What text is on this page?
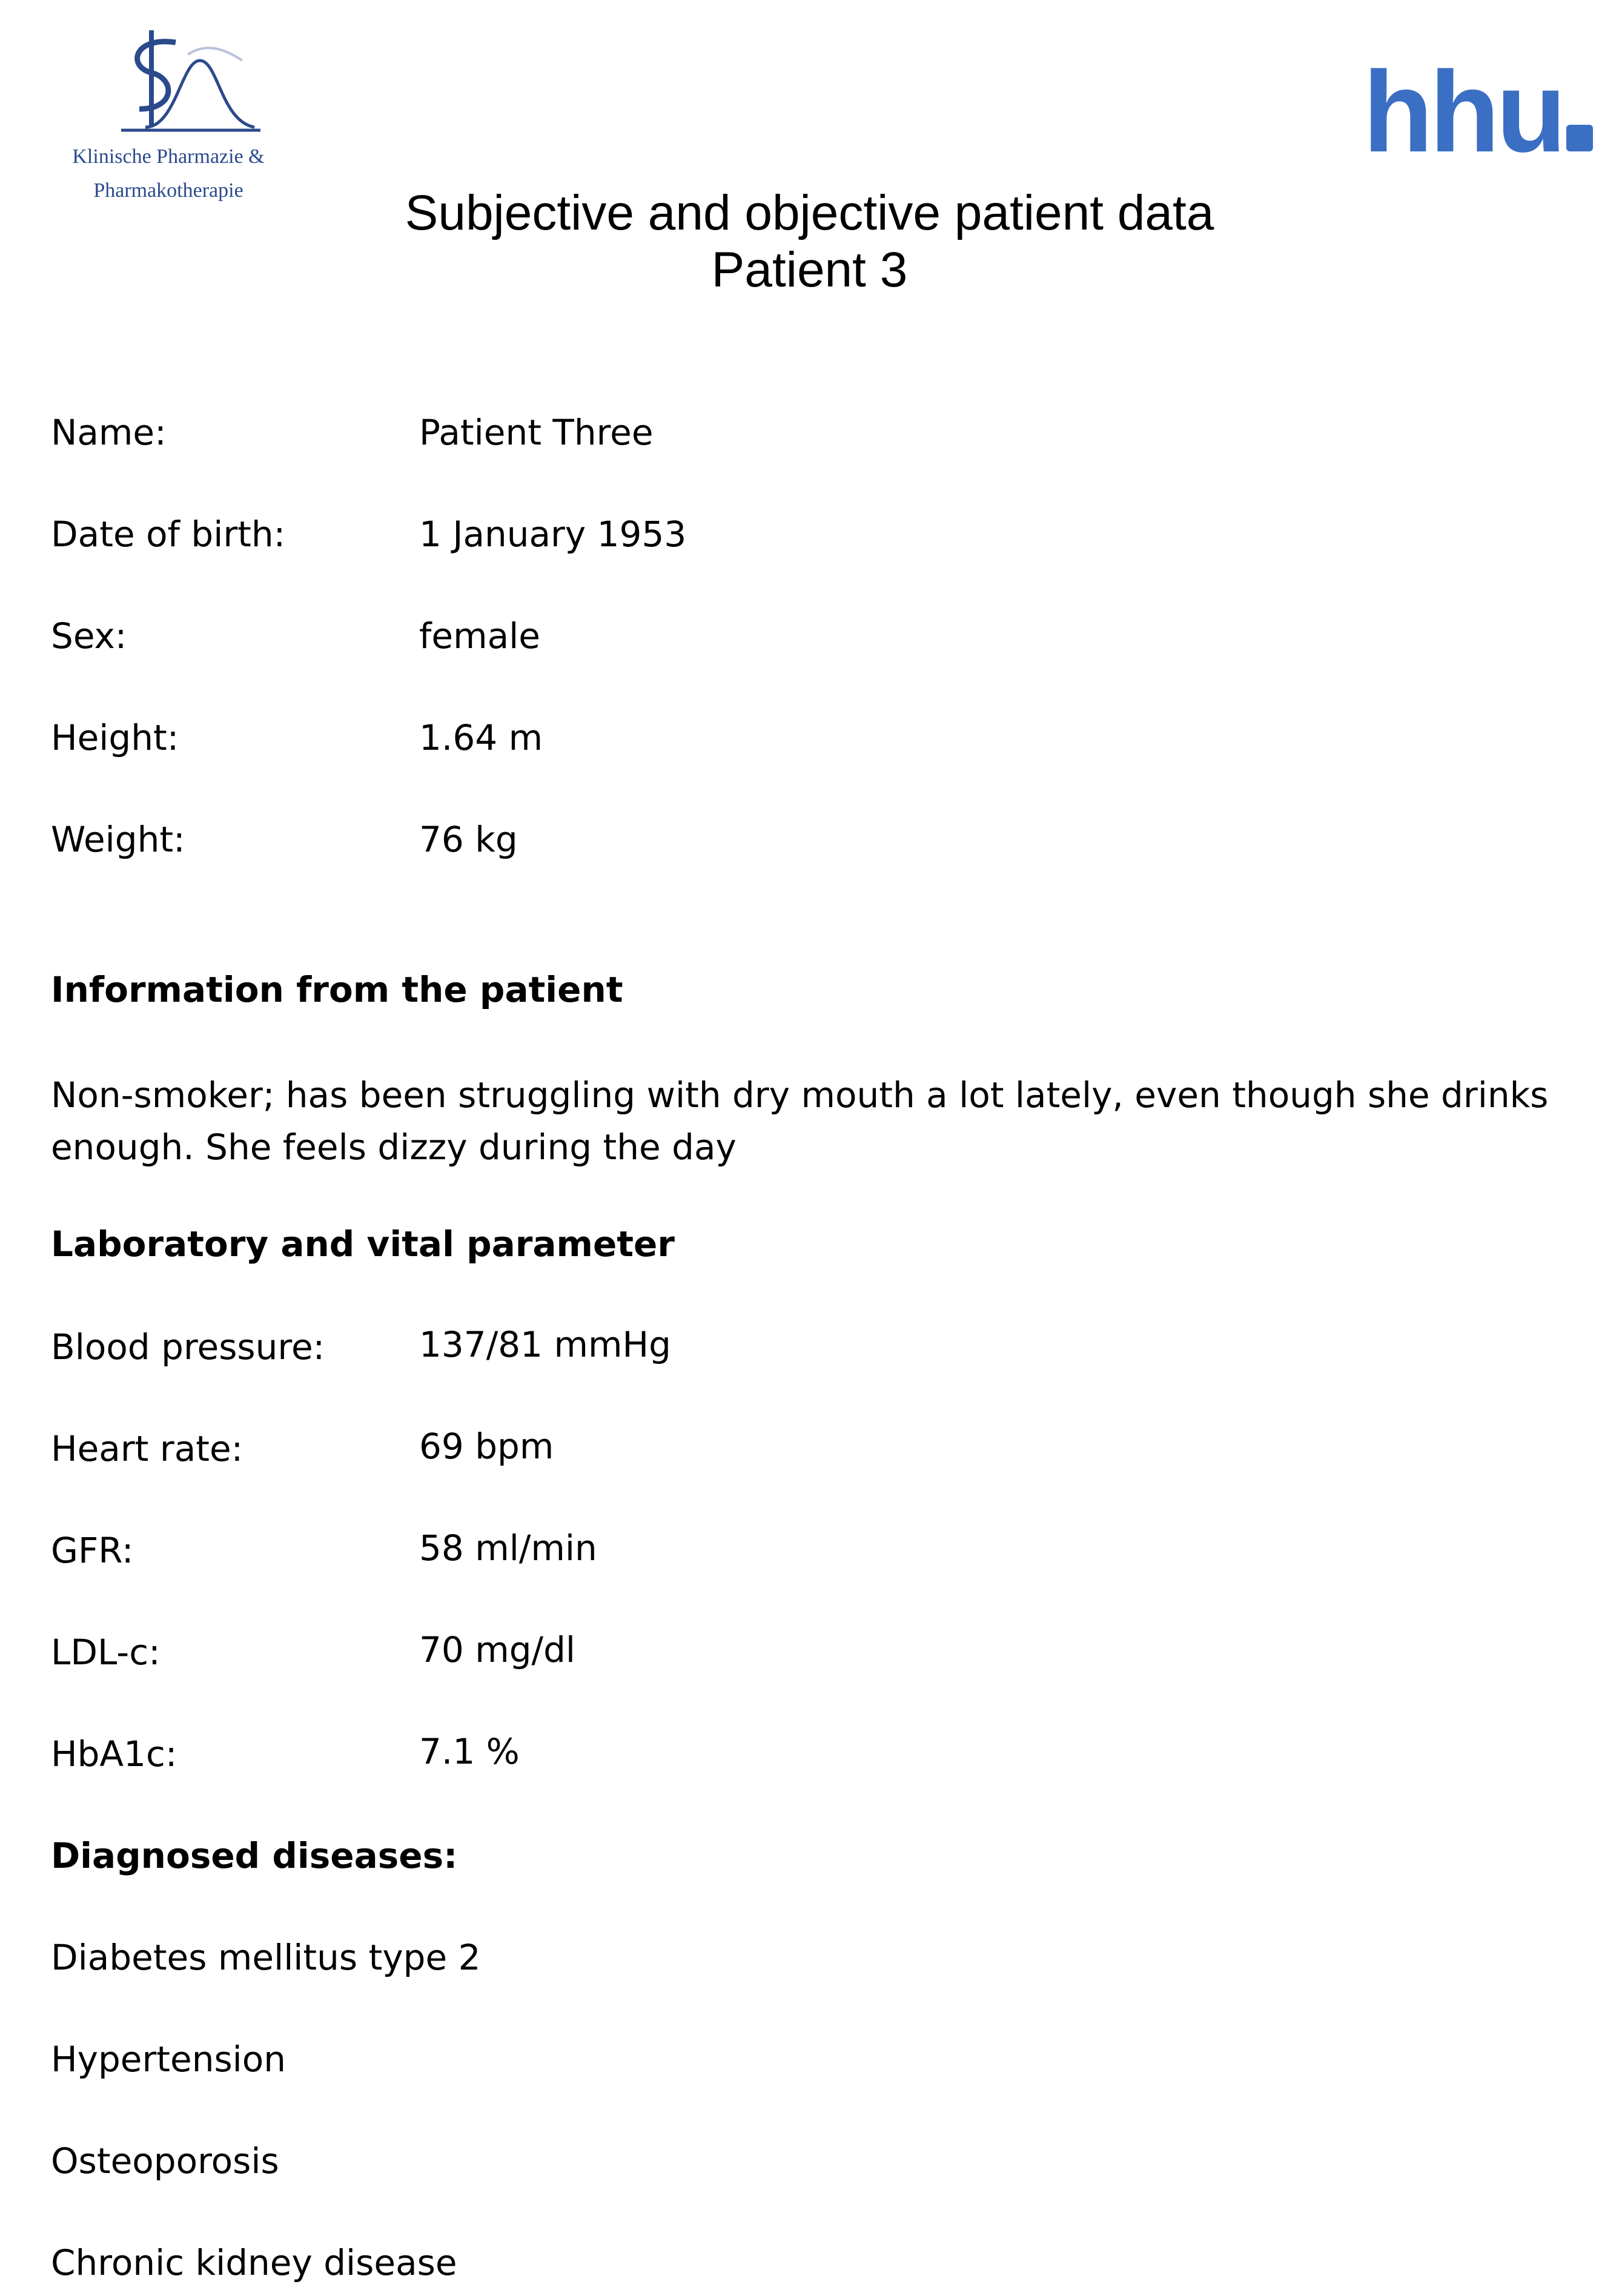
Klinische Pharmazie &
Pharmakotherapie
hhu
Subjective and objective patient data
Patient 3
Name:	Patient Three
Date of birth:	1 January 1953
Sex:	female
Height:	1.64 m
Weight:	76 kg
Information from the patient
Non-smoker; has been struggling with dry mouth a lot lately, even though she drinks enough. She feels dizzy during the day
Laboratory and vital parameter
Blood pressure:	137/81 mmHg
Heart rate:	69 bpm
GFR:	58 ml/min
LDL-c:	70 mg/dl
HbA1c:	7.1 %
Diagnosed diseases:
Diabetes mellitus type 2
Hypertension
Osteoporosis
Chronic kidney disease
